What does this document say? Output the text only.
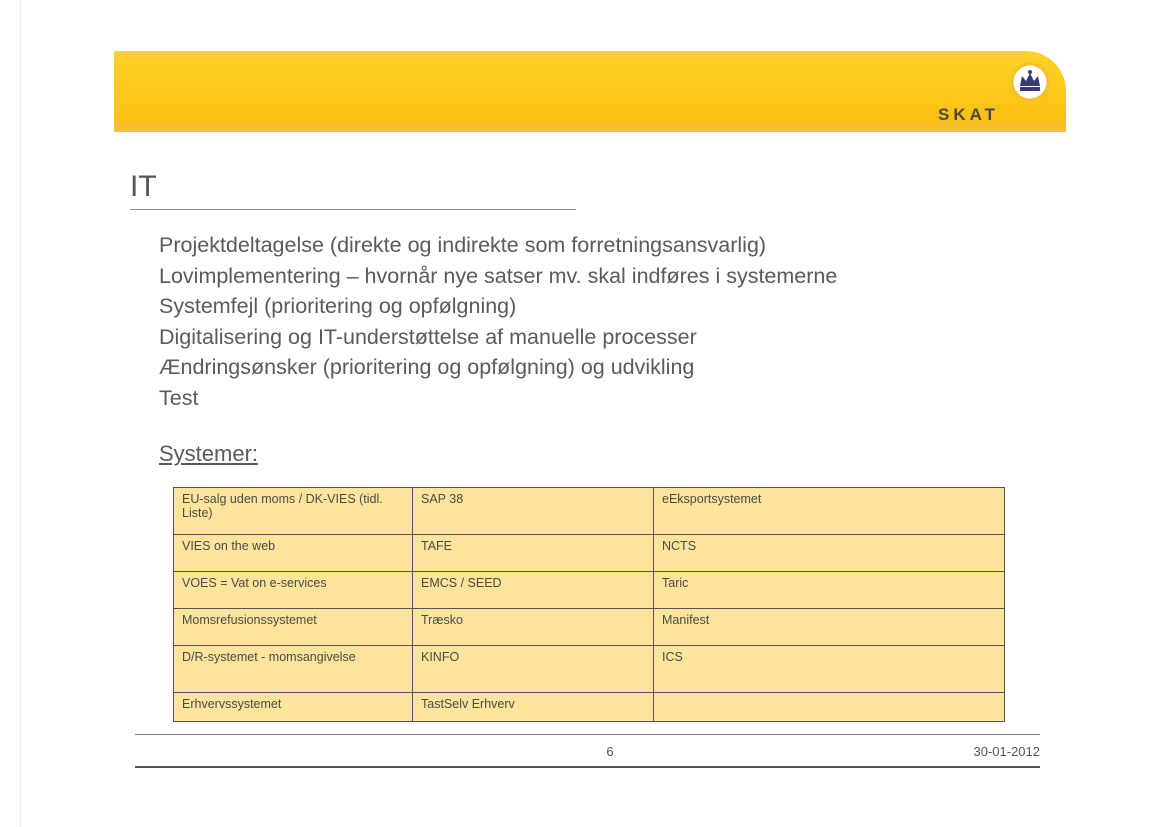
SKAT
IT
Projektdeltagelse (direkte og indirekte som forretningsansvarlig)
Lovimplementering – hvornår nye satser mv. skal indføres i systemerne
Systemfejl (prioritering og opfølgning)
Digitalisering og IT-understøttelse af manuelle processer
Ændringsønsker (prioritering og opfølgning) og udvikling
Test
Systemer:
EU-salg uden moms / DK-VIES (tidl. Liste)	SAP 38	eEksportsystemet
VIES on the web	TAFE	NCTS
VOES = Vat on e-services	EMCS / SEED	Taric
Momsrefusionssystemet	Træsko	Manifest
D/R-systemet - momsangivelse	KINFO	ICS
Erhvervssystemet	TastSelv Erhverv	
6	30-01-2012
